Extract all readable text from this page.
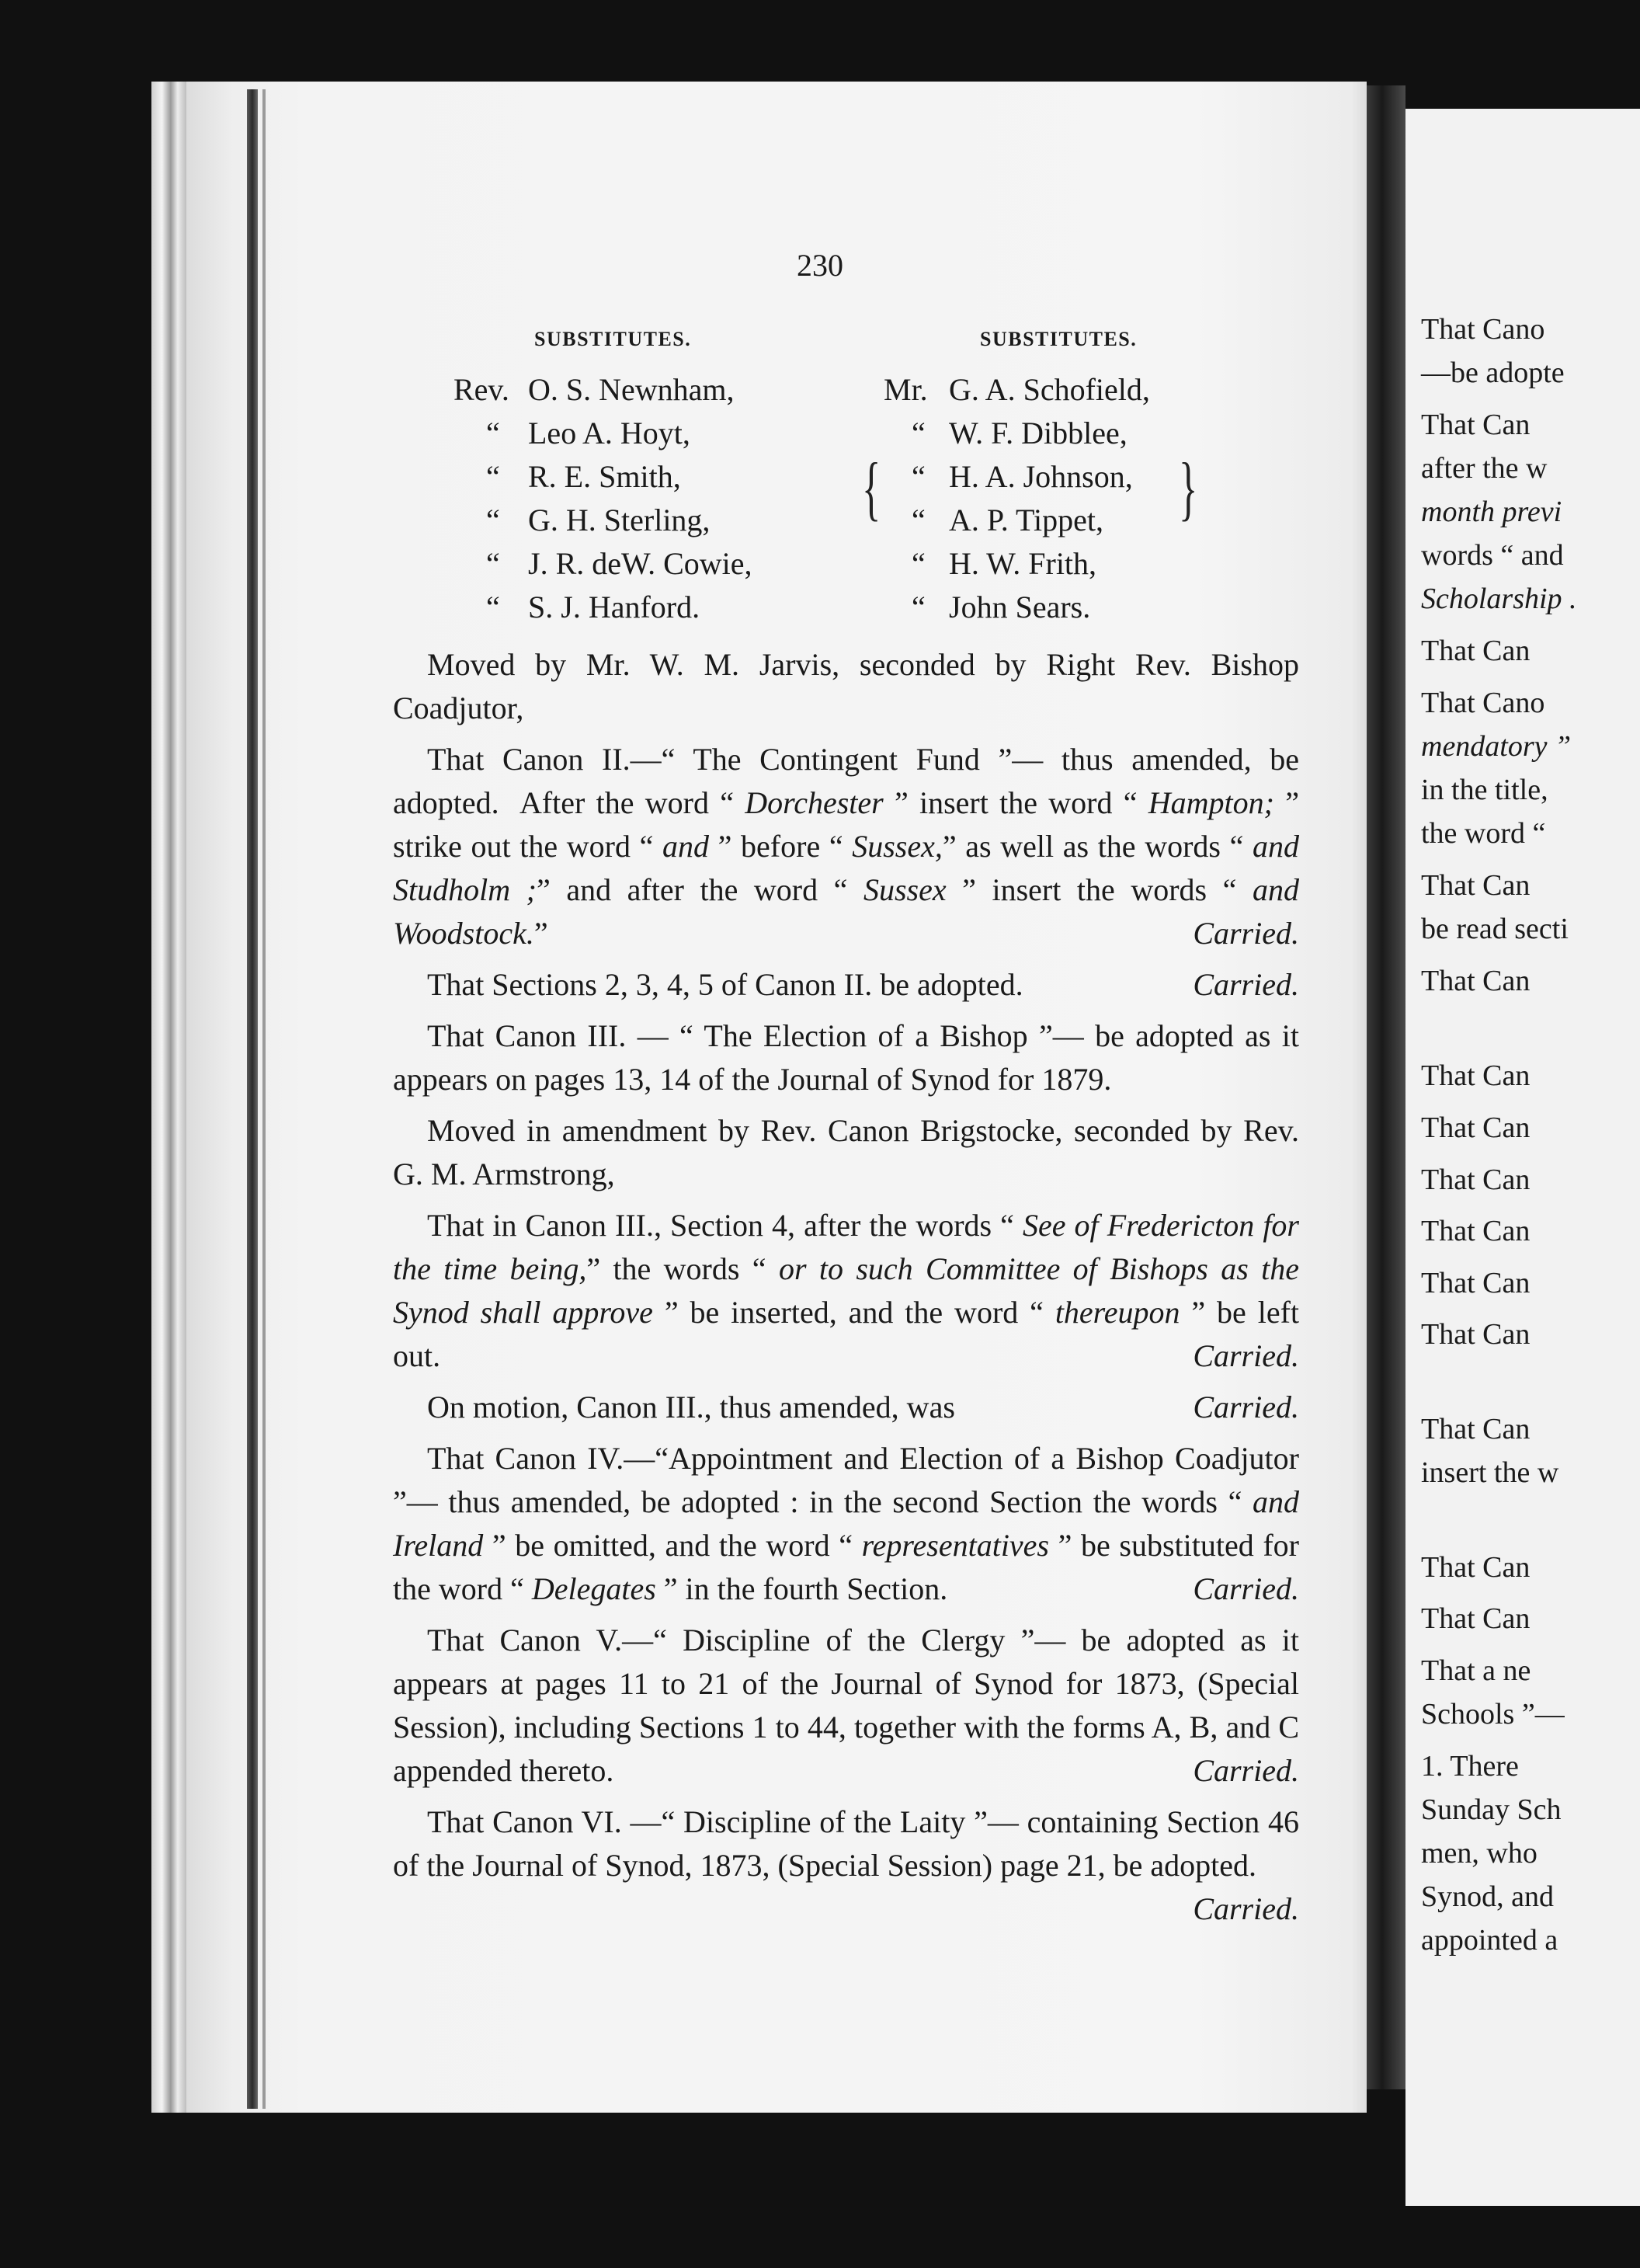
230
SUBSTITUTES.
Rev. O. S. Newnham,
“ Leo A. Hoyt,
“ R. E. Smith,
“ G. H. Sterling,
“ J. R. deW. Cowie,
“ S. J. Hanford.
SUBSTITUTES.
Mr. G. A. Schofield,
“ W. F. Dibblee,
“ H. A. Johnson,
“ A. P. Tippet,
“ H. W. Frith,
“ John Sears.
{	}
Moved by Mr. W. M. Jarvis, seconded by Right Rev. Bishop Coadjutor,
That Canon II.—“ The Contingent Fund ”— thus amended, be adopted.  After the word “ Dorchester ” insert the word “ Hampton; ” strike out the word “ and ” before “ Sussex,” as well as the words “ and Studholm ;” and after the word “ Sussex ” insert the words “ and Woodstock.”	Carried.
That Sections 2, 3, 4, 5 of Canon II. be adopted.	Carried.
That Canon III. — “ The Election of a Bishop ”— be adopted as it appears on pages 13, 14 of the Journal of Synod for 1879.
Moved in amendment by Rev. Canon Brigstocke, seconded by Rev. G. M. Armstrong,
That in Canon III., Section 4, after the words “ See of Fredericton for the time being,” the words “ or to such Committee of Bishops as the Synod shall approve ” be inserted, and the word “ thereupon ” be left out.	Carried.
On motion, Canon III., thus amended, was	Carried.
That Canon IV.—“Appointment and Election of a Bishop Coadjutor ”— thus amended, be adopted : in the second Section the words “ and Ireland ” be omitted, and the word “ representatives ” be substituted for the word “ Delegates ” in the fourth Section.	Carried.
That Canon V.—“ Discipline of the Clergy ”— be adopted as it appears at pages 11 to 21 of the Journal of Synod for 1873, (Special Session), including Sections 1 to 44, together with the forms A, B, and C appended thereto.	Carried.
That Canon VI. —“ Discipline of the Laity ”— containing Section 46 of the Journal of Synod, 1873, (Special Session) page 21, be adopted.
Carried.
That Cano
—be adopte
That Can
after the w
month previ
words “ and
Scholarship .
That Can
That Cano
mendatory ”
in the title,
the word “
That Can
be read secti
That Can
That Can
That Can
That Can
That Can
That Can
That Can
That Can
insert the w
That Can
That Can
That a ne
Schools ”—
1. There
Sunday Sch
men, who
Synod, and
appointed a
